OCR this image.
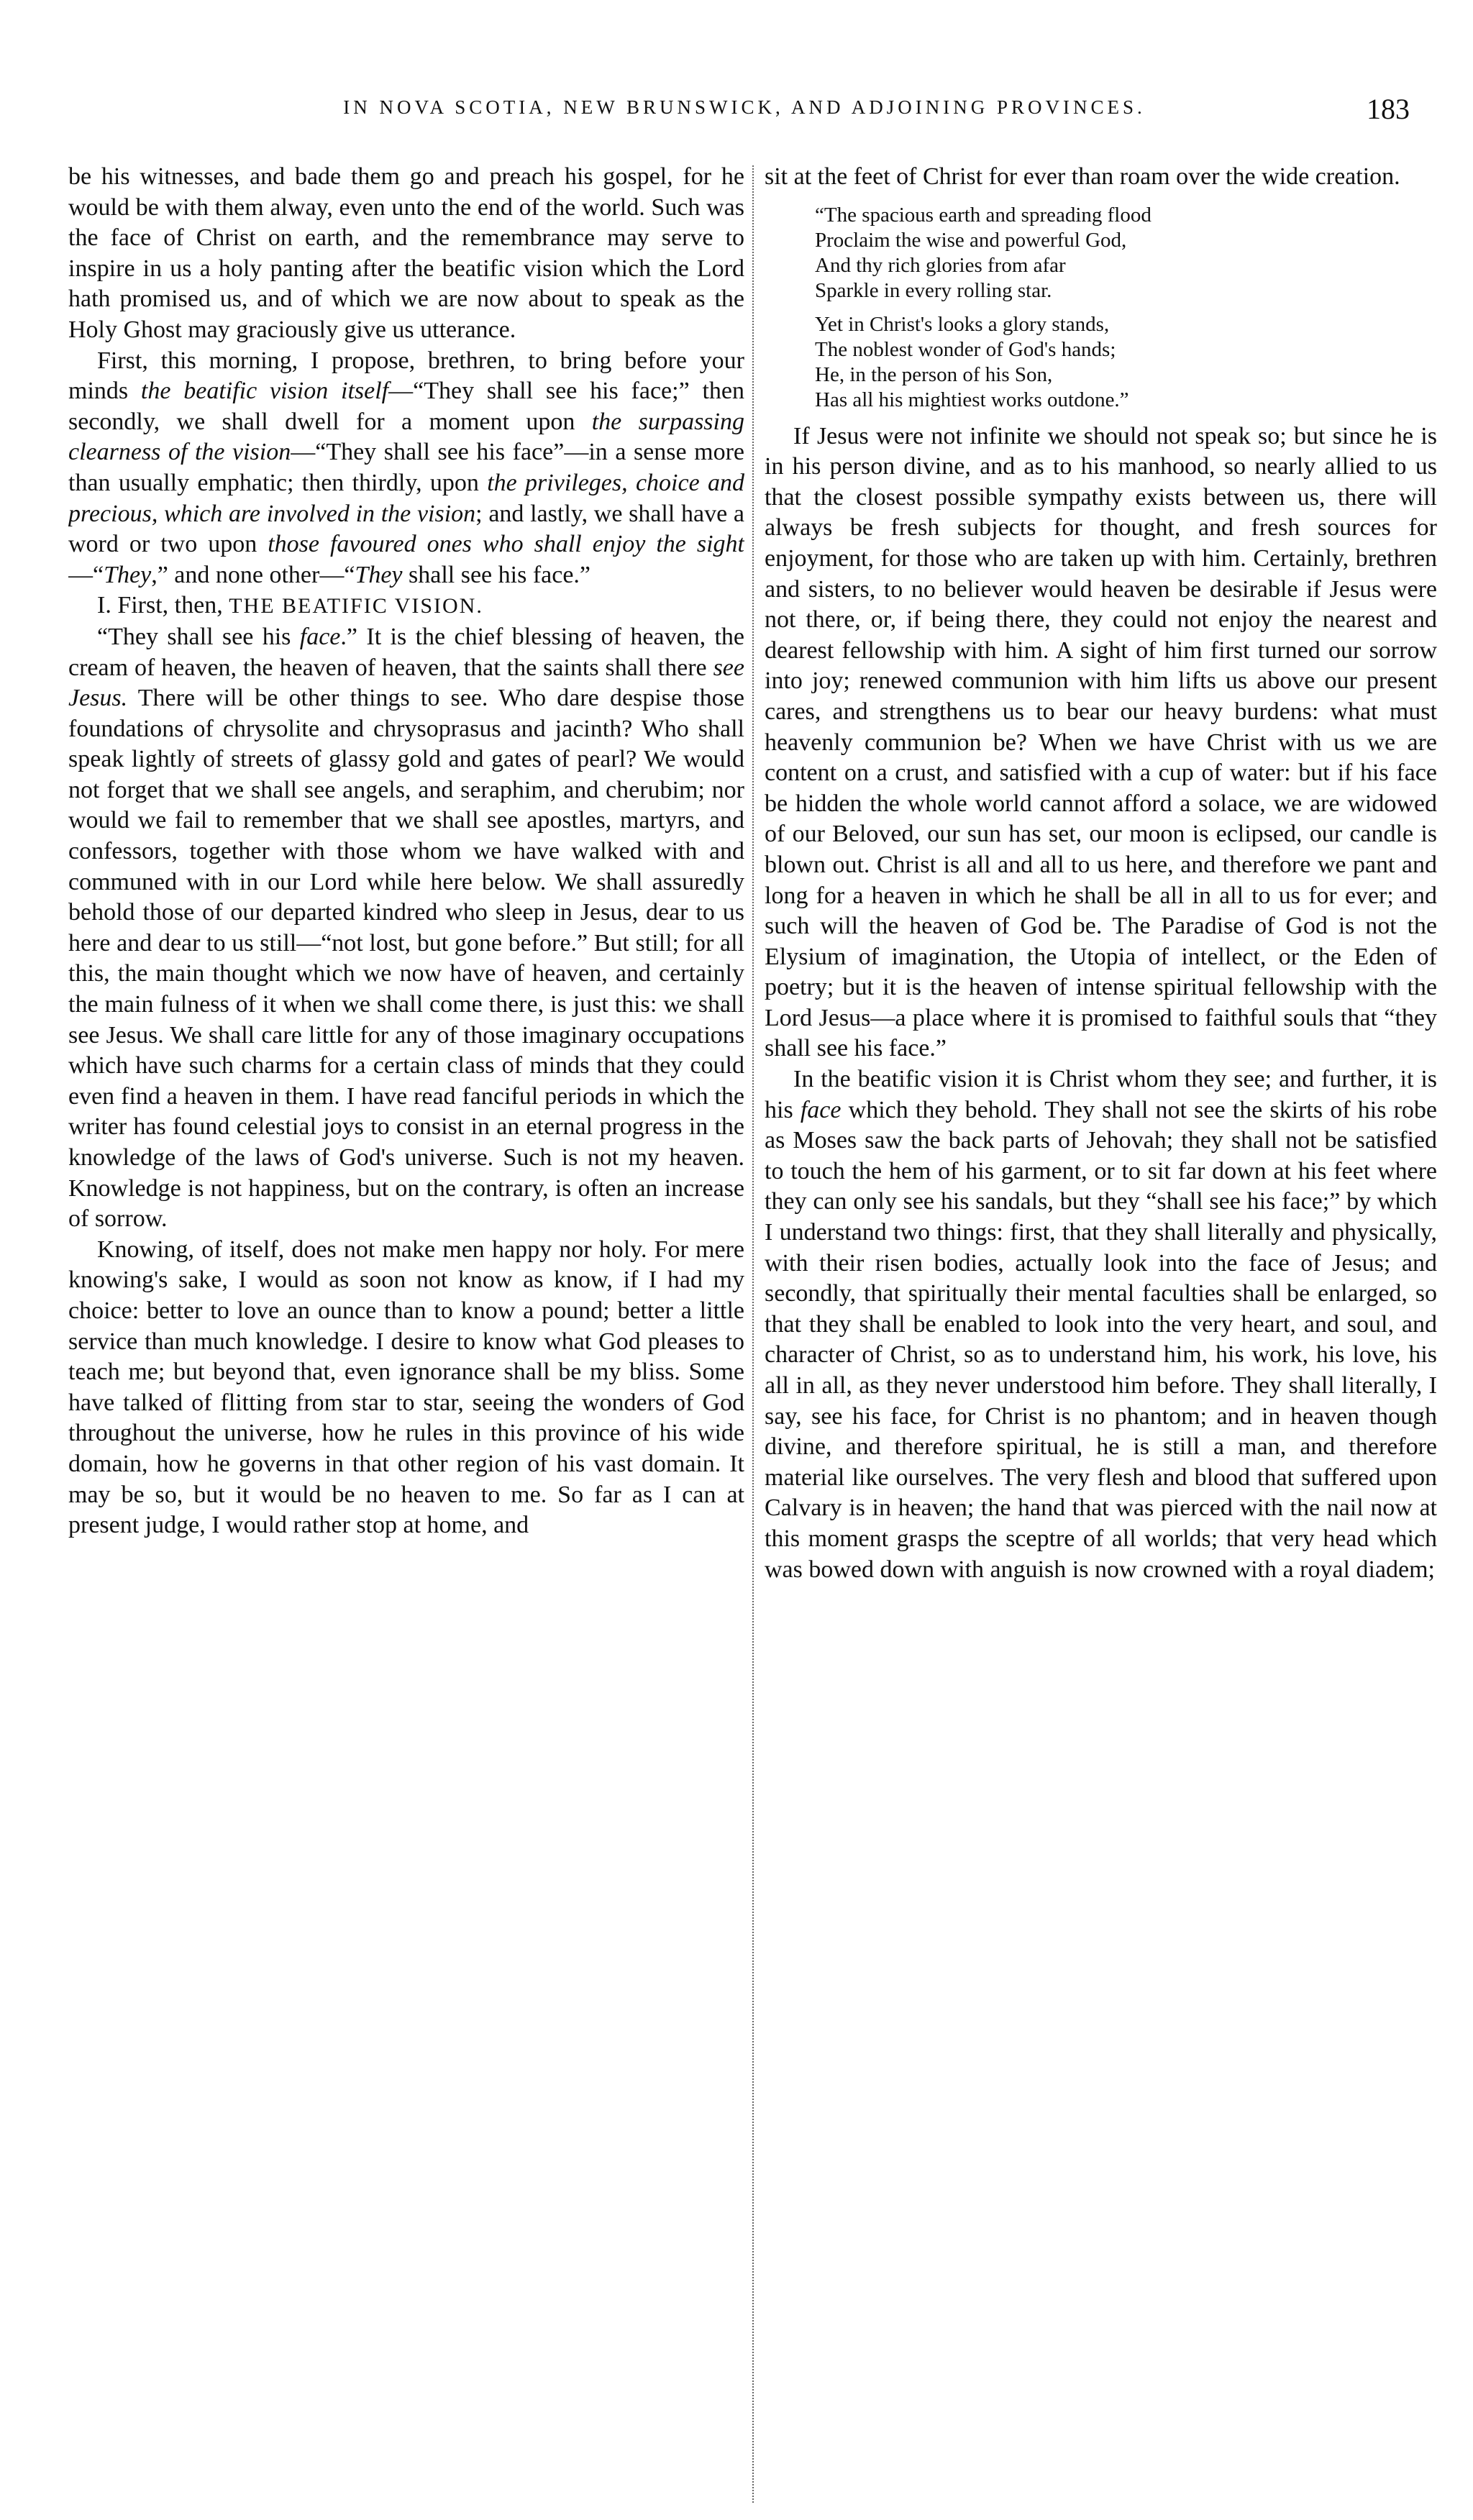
IN NOVA SCOTIA, NEW BRUNSWICK, AND ADJOINING PROVINCES.	183

be his witnesses, and bade them go and preach his gospel, for he would be with them alway, even unto the end of the world. Such was the face of Christ on earth, and the remembrance may serve to inspire in us a holy panting after the beatific vision which the Lord hath promised us, and of which we are now about to speak as the Holy Ghost may graciously give us utterance.

First, this morning, I propose, brethren, to bring before your minds the beatific vision itself—“They shall see his face;” then secondly, we shall dwell for a moment upon the surpassing clearness of the vision—“They shall see his face”—in a sense more than usually emphatic; then thirdly, upon the privileges, choice and precious, which are involved in the vision; and lastly, we shall have a word or two upon those favoured ones who shall enjoy the sight—“They,” and none other—“They shall see his face.”

I. First, then, THE BEATIFIC VISION.

“They shall see his face.” It is the chief blessing of heaven, the cream of heaven, the heaven of heaven, that the saints shall there see Jesus. There will be other things to see. Who dare despise those foundations of chrysolite and chrysoprasus and jacinth? Who shall speak lightly of streets of glassy gold and gates of pearl? We would not forget that we shall see angels, and seraphim, and cherubim; nor would we fail to remember that we shall see apostles, martyrs, and confessors, together with those whom we have walked with and communed with in our Lord while here below. We shall assuredly behold those of our departed kindred who sleep in Jesus, dear to us here and dear to us still—“not lost, but gone before.” But still; for all this, the main thought which we now have of heaven, and certainly the main fulness of it when we shall come there, is just this: we shall see Jesus. We shall care little for any of those imaginary occupations which have such charms for a certain class of minds that they could even find a heaven in them. I have read fanciful periods in which the writer has found celestial joys to consist in an eternal progress in the knowledge of the laws of God's universe. Such is not my heaven. Knowledge is not happiness, but on the contrary, is often an increase of sorrow.

Knowing, of itself, does not make men happy nor holy. For mere knowing's sake, I would as soon not know as know, if I had my choice: better to love an ounce than to know a pound; better a little service than much knowledge. I desire to know what God pleases to teach me; but beyond that, even ignorance shall be my bliss. Some have talked of flitting from star to star, seeing the wonders of God throughout the universe, how he rules in this province of his wide domain, how he governs in that other region of his vast domain. It may be so, but it would be no heaven to me. So far as I can at present judge, I would rather stop at home, and

sit at the feet of Christ for ever than roam over the wide creation.

“The spacious earth and spreading flood
Proclaim the wise and powerful God,
And thy rich glories from afar
Sparkle in every rolling star.
Yet in Christ's looks a glory stands,
The noblest wonder of God's hands;
He, in the person of his Son,
Has all his mightiest works outdone.”

If Jesus were not infinite we should not speak so; but since he is in his person divine, and as to his manhood, so nearly allied to us that the closest possible sympathy exists between us, there will always be fresh subjects for thought, and fresh sources for enjoyment, for those who are taken up with him. Certainly, brethren and sisters, to no believer would heaven be desirable if Jesus were not there, or, if being there, they could not enjoy the nearest and dearest fellowship with him. A sight of him first turned our sorrow into joy; renewed communion with him lifts us above our present cares, and strengthens us to bear our heavy burdens: what must heavenly communion be? When we have Christ with us we are content on a crust, and satisfied with a cup of water: but if his face be hidden the whole world cannot afford a solace, we are widowed of our Beloved, our sun has set, our moon is eclipsed, our candle is blown out. Christ is all and all to us here, and therefore we pant and long for a heaven in which he shall be all in all to us for ever; and such will the heaven of God be. The Paradise of God is not the Elysium of imagination, the Utopia of intellect, or the Eden of poetry; but it is the heaven of intense spiritual fellowship with the Lord Jesus—a place where it is promised to faithful souls that “they shall see his face.”

In the beatific vision it is Christ whom they see; and further, it is his face which they behold. They shall not see the skirts of his robe as Moses saw the back parts of Jehovah; they shall not be satisfied to touch the hem of his garment, or to sit far down at his feet where they can only see his sandals, but they “shall see his face;” by which I understand two things: first, that they shall literally and physically, with their risen bodies, actually look into the face of Jesus; and secondly, that spiritually their mental faculties shall be enlarged, so that they shall be enabled to look into the very heart, and soul, and character of Christ, so as to understand him, his work, his love, his all in all, as they never understood him before. They shall literally, I say, see his face, for Christ is no phantom; and in heaven though divine, and therefore spiritual, he is still a man, and therefore material like ourselves. The very flesh and blood that suffered upon Calvary is in heaven; the hand that was pierced with the nail now at this moment grasps the sceptre of all worlds; that very head which was bowed down with anguish is now crowned with a royal diadem;
